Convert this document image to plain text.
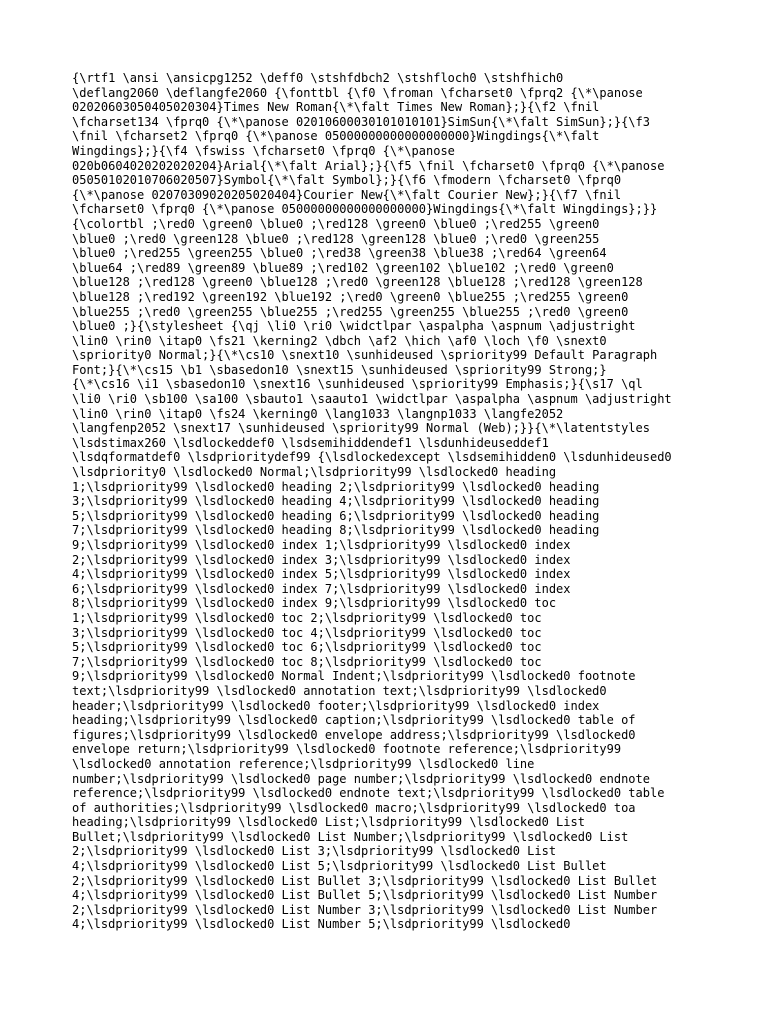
{\rtf1 \ansi \ansicpg1252 \deff0 \stshfdbch2 \stshfloch0 \stshfhich0
\deflang2060 \deflangfe2060 {\fonttbl {\f0 \froman \fcharset0 \fprq2 {\*\panose
02020603050405020304}Times New Roman{\*\falt Times New Roman};}{\f2 \fnil
\fcharset134 \fprq0 {\*\panose 02010600030101010101}SimSun{\*\falt SimSun};}{\f3
\fnil \fcharset2 \fprq0 {\*\panose 05000000000000000000}Wingdings{\*\falt
Wingdings};}{\f4 \fswiss \fcharset0 \fprq0 {\*\panose
020b0604020202020204}Arial{\*\falt Arial};}{\f5 \fnil \fcharset0 \fprq0 {\*\panose
05050102010706020507}Symbol{\*\falt Symbol};}{\f6 \fmodern \fcharset0 \fprq0
{\*\panose 02070309020205020404}Courier New{\*\falt Courier New};}{\f7 \fnil
\fcharset0 \fprq0 {\*\panose 05000000000000000000}Wingdings{\*\falt Wingdings};}}
{\colortbl ;\red0 \green0 \blue0 ;\red128 \green0 \blue0 ;\red255 \green0
\blue0 ;\red0 \green128 \blue0 ;\red128 \green128 \blue0 ;\red0 \green255
\blue0 ;\red255 \green255 \blue0 ;\red38 \green38 \blue38 ;\red64 \green64
\blue64 ;\red89 \green89 \blue89 ;\red102 \green102 \blue102 ;\red0 \green0
\blue128 ;\red128 \green0 \blue128 ;\red0 \green128 \blue128 ;\red128 \green128
\blue128 ;\red192 \green192 \blue192 ;\red0 \green0 \blue255 ;\red255 \green0
\blue255 ;\red0 \green255 \blue255 ;\red255 \green255 \blue255 ;\red0 \green0
\blue0 ;}{\stylesheet {\qj \li0 \ri0 \widctlpar \aspalpha \aspnum \adjustright
\lin0 \rin0 \itap0 \fs21 \kerning2 \dbch \af2 \hich \af0 \loch \f0 \snext0
\spriority0 Normal;}{\*\cs10 \snext10 \sunhideused \spriority99 Default Paragraph
Font;}{\*\cs15 \b1 \sbasedon10 \snext15 \sunhideused \spriority99 Strong;}
{\*\cs16 \i1 \sbasedon10 \snext16 \sunhideused \spriority99 Emphasis;}{\s17 \ql
\li0 \ri0 \sb100 \sa100 \sbauto1 \saauto1 \widctlpar \aspalpha \aspnum \adjustright
\lin0 \rin0 \itap0 \fs24 \kerning0 \lang1033 \langnp1033 \langfe2052
\langfenp2052 \snext17 \sunhideused \spriority99 Normal (Web);}}{\*\latentstyles
\lsdstimax260 \lsdlockeddef0 \lsdsemihiddendef1 \lsdunhideuseddef1
\lsdqformatdef0 \lsdprioritydef99 {\lsdlockedexcept \lsdsemihidden0 \lsdunhideused0
\lsdpriority0 \lsdlocked0 Normal;\lsdpriority99 \lsdlocked0 heading
1;\lsdpriority99 \lsdlocked0 heading 2;\lsdpriority99 \lsdlocked0 heading
3;\lsdpriority99 \lsdlocked0 heading 4;\lsdpriority99 \lsdlocked0 heading
5;\lsdpriority99 \lsdlocked0 heading 6;\lsdpriority99 \lsdlocked0 heading
7;\lsdpriority99 \lsdlocked0 heading 8;\lsdpriority99 \lsdlocked0 heading
9;\lsdpriority99 \lsdlocked0 index 1;\lsdpriority99 \lsdlocked0 index
2;\lsdpriority99 \lsdlocked0 index 3;\lsdpriority99 \lsdlocked0 index
4;\lsdpriority99 \lsdlocked0 index 5;\lsdpriority99 \lsdlocked0 index
6;\lsdpriority99 \lsdlocked0 index 7;\lsdpriority99 \lsdlocked0 index
8;\lsdpriority99 \lsdlocked0 index 9;\lsdpriority99 \lsdlocked0 toc
1;\lsdpriority99 \lsdlocked0 toc 2;\lsdpriority99 \lsdlocked0 toc
3;\lsdpriority99 \lsdlocked0 toc 4;\lsdpriority99 \lsdlocked0 toc
5;\lsdpriority99 \lsdlocked0 toc 6;\lsdpriority99 \lsdlocked0 toc
7;\lsdpriority99 \lsdlocked0 toc 8;\lsdpriority99 \lsdlocked0 toc
9;\lsdpriority99 \lsdlocked0 Normal Indent;\lsdpriority99 \lsdlocked0 footnote
text;\lsdpriority99 \lsdlocked0 annotation text;\lsdpriority99 \lsdlocked0
header;\lsdpriority99 \lsdlocked0 footer;\lsdpriority99 \lsdlocked0 index
heading;\lsdpriority99 \lsdlocked0 caption;\lsdpriority99 \lsdlocked0 table of
figures;\lsdpriority99 \lsdlocked0 envelope address;\lsdpriority99 \lsdlocked0
envelope return;\lsdpriority99 \lsdlocked0 footnote reference;\lsdpriority99
\lsdlocked0 annotation reference;\lsdpriority99 \lsdlocked0 line
number;\lsdpriority99 \lsdlocked0 page number;\lsdpriority99 \lsdlocked0 endnote
reference;\lsdpriority99 \lsdlocked0 endnote text;\lsdpriority99 \lsdlocked0 table
of authorities;\lsdpriority99 \lsdlocked0 macro;\lsdpriority99 \lsdlocked0 toa
heading;\lsdpriority99 \lsdlocked0 List;\lsdpriority99 \lsdlocked0 List
Bullet;\lsdpriority99 \lsdlocked0 List Number;\lsdpriority99 \lsdlocked0 List
2;\lsdpriority99 \lsdlocked0 List 3;\lsdpriority99 \lsdlocked0 List
4;\lsdpriority99 \lsdlocked0 List 5;\lsdpriority99 \lsdlocked0 List Bullet
2;\lsdpriority99 \lsdlocked0 List Bullet 3;\lsdpriority99 \lsdlocked0 List Bullet
4;\lsdpriority99 \lsdlocked0 List Bullet 5;\lsdpriority99 \lsdlocked0 List Number
2;\lsdpriority99 \lsdlocked0 List Number 3;\lsdpriority99 \lsdlocked0 List Number
4;\lsdpriority99 \lsdlocked0 List Number 5;\lsdpriority99 \lsdlocked0
